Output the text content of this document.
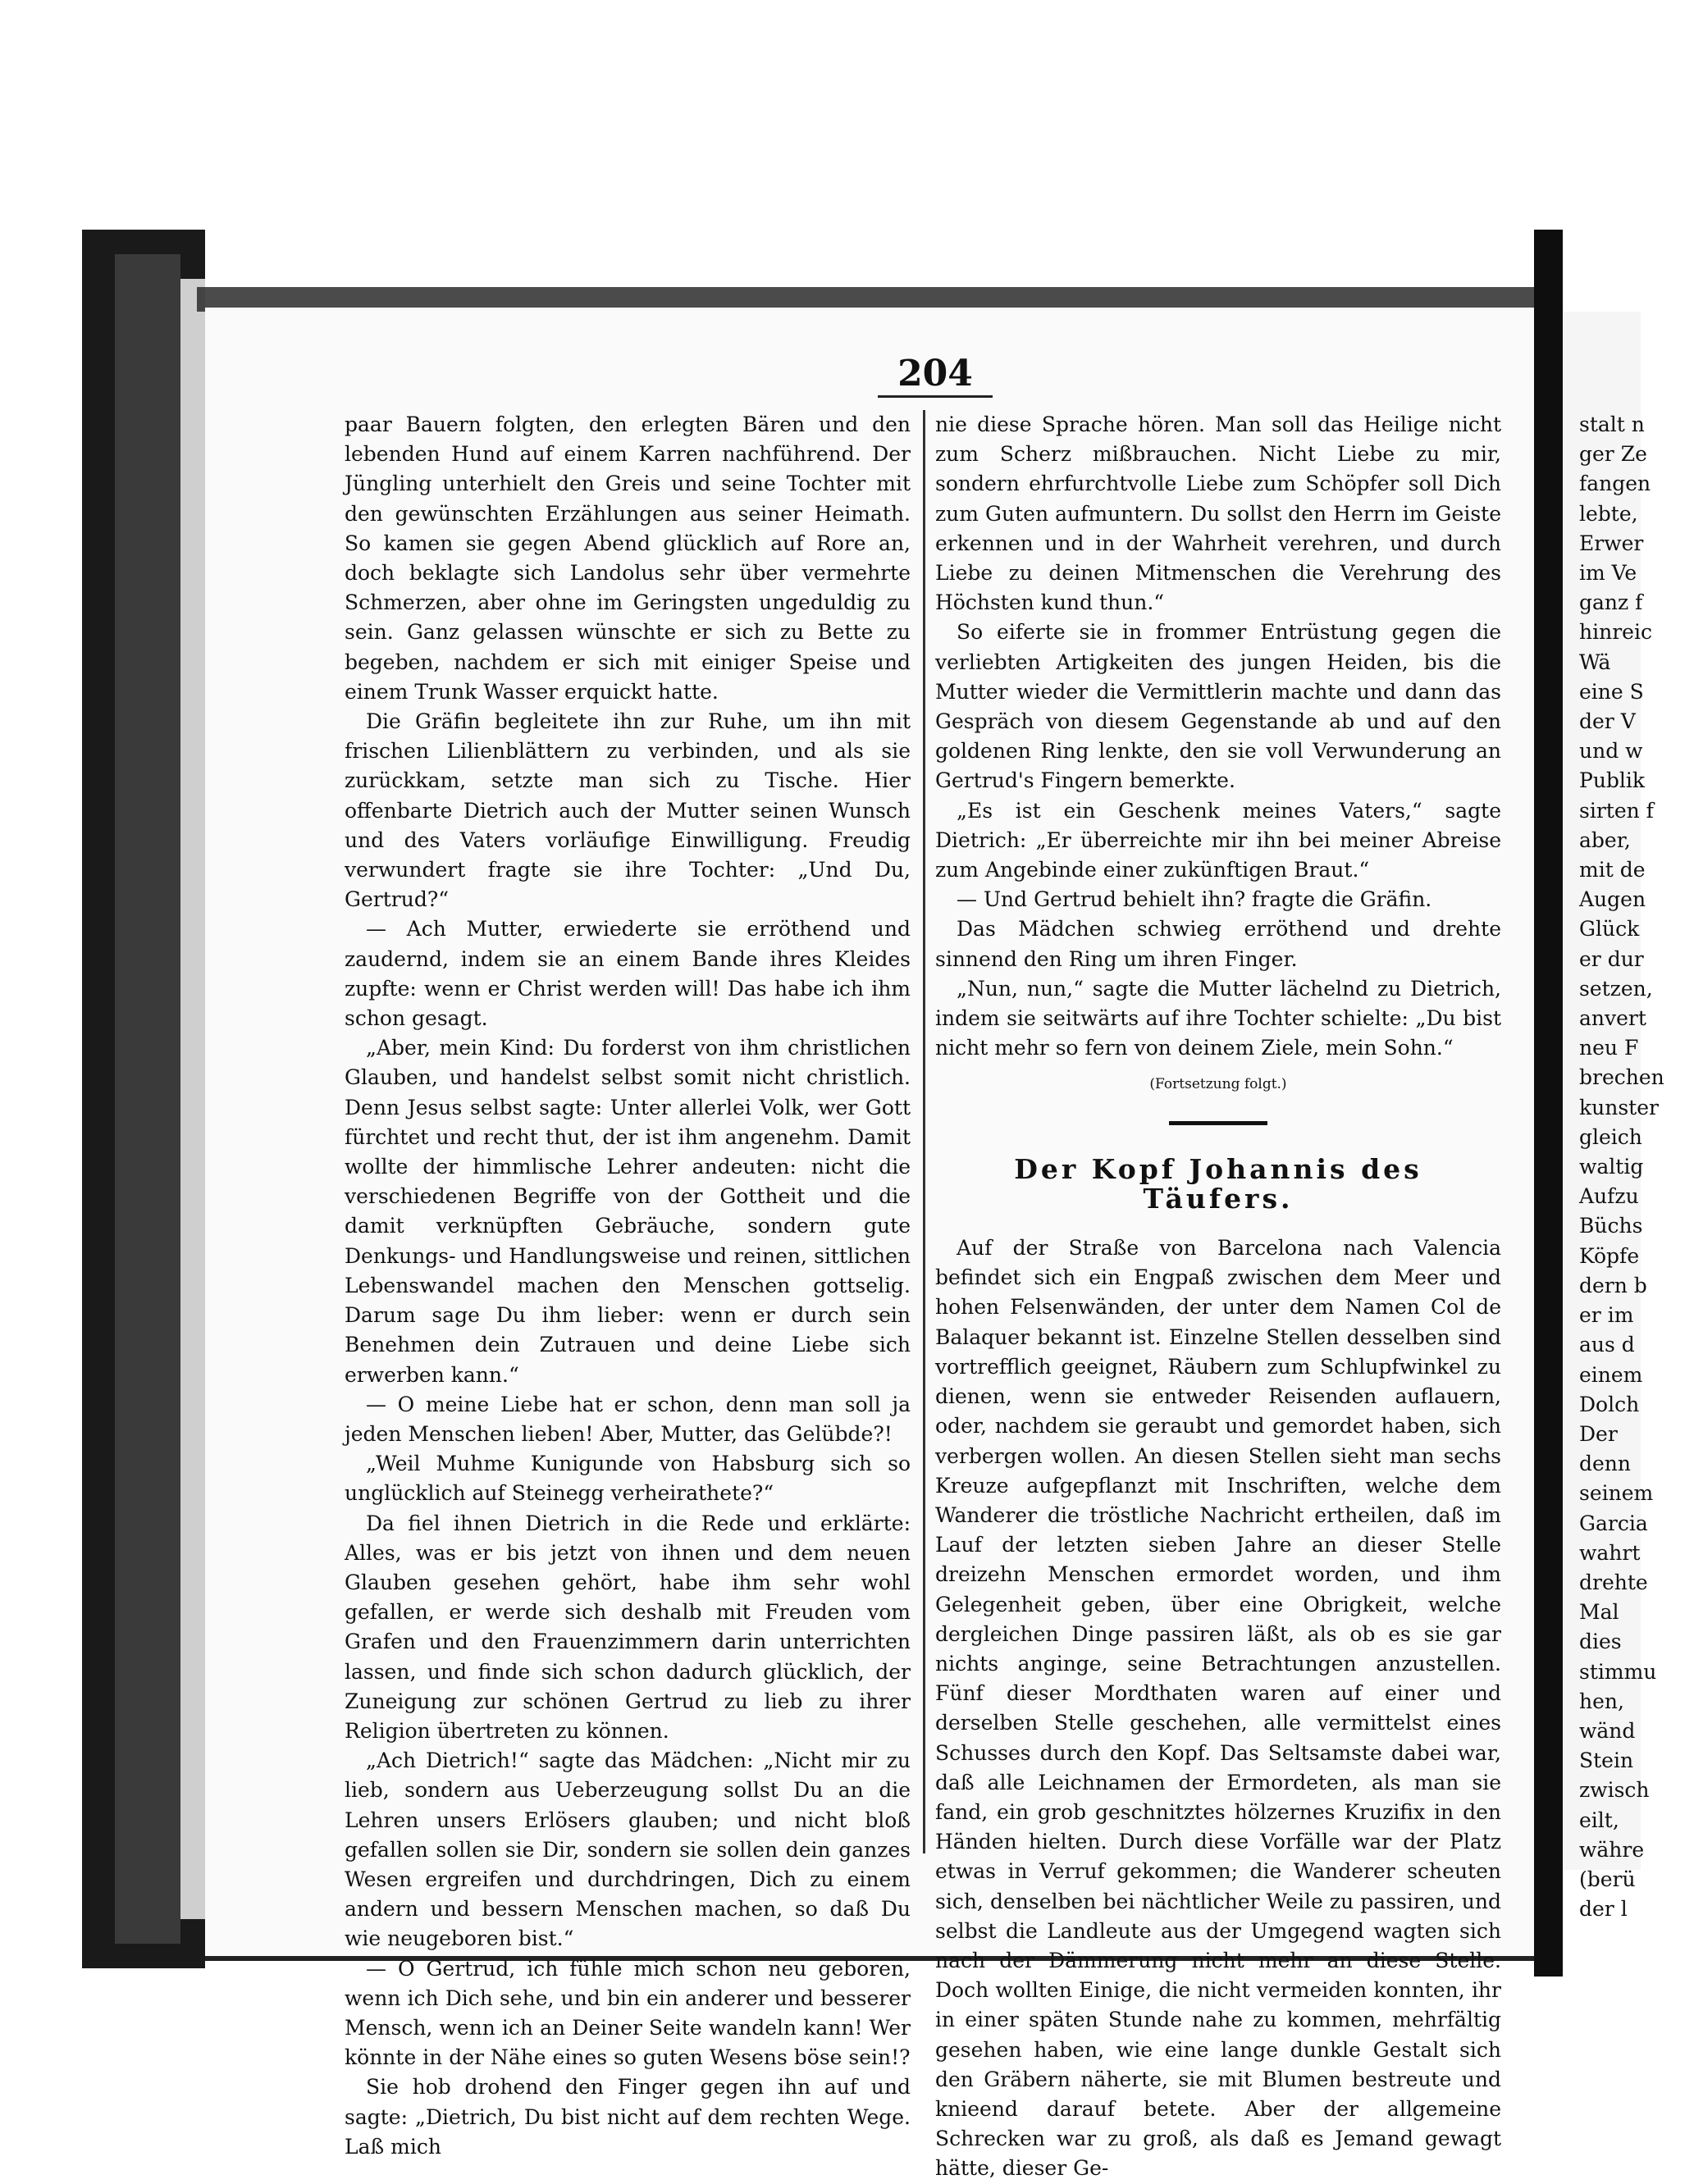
stalt n
ger Ze
fangen
lebte,
Erwer
im Ve
ganz f
hinreic
Wä
eine S
der V
und w
Publik
sirten f
aber,
mit de
Augen
Glück
er dur
setzen,
anvert
neu F
brechen
kunster
gleich
waltig
Aufzu
Büchs
Köpfe
dern b
er im
aus d
einem
Dolch
Der
denn
seinem
Garcia
wahrt
drehte
Mal
dies
stimmu
hen,
wänd
Stein
zwisch
eilt,
währe
(berü
der l
204

paar Bauern folgten, den erlegten Bären und den lebenden Hund auf einem Karren nachführend. Der Jüngling unterhielt den Greis und seine Tochter mit den gewünschten Erzählungen aus seiner Heimath. So kamen sie gegen Abend glücklich auf Rore an, doch beklagte sich Landolus sehr über vermehrte Schmerzen, aber ohne im Geringsten ungeduldig zu sein. Ganz gelassen wünschte er sich zu Bette zu begeben, nachdem er sich mit einiger Speise und einem Trunk Wasser erquickt hatte.

Die Gräfin begleitete ihn zur Ruhe, um ihn mit frischen Lilienblättern zu verbinden, und als sie zurückkam, setzte man sich zu Tische. Hier offenbarte Dietrich auch der Mutter seinen Wunsch und des Vaters vorläufige Einwilligung. Freudig verwundert fragte sie ihre Tochter: „Und Du, Gertrud?“

— Ach Mutter, erwiederte sie erröthend und zaudernd, indem sie an einem Bande ihres Kleides zupfte: wenn er Christ werden will! Das habe ich ihm schon gesagt.

„Aber, mein Kind: Du forderst von ihm christlichen Glauben, und handelst selbst somit nicht christlich. Denn Jesus selbst sagte: Unter allerlei Volk, wer Gott fürchtet und recht thut, der ist ihm angenehm. Damit wollte der himmlische Lehrer andeuten: nicht die verschiedenen Begriffe von der Gottheit und die damit verknüpften Gebräuche, sondern gute Denkungs- und Handlungsweise und reinen, sittlichen Lebenswandel machen den Menschen gottselig. Darum sage Du ihm lieber: wenn er durch sein Benehmen dein Zutrauen und deine Liebe sich erwerben kann.“

— O meine Liebe hat er schon, denn man soll ja jeden Menschen lieben! Aber, Mutter, das Gelübde?!

„Weil Muhme Kunigunde von Habsburg sich so unglücklich auf Steinegg verheirathete?“

Da fiel ihnen Dietrich in die Rede und erklärte: Alles, was er bis jetzt von ihnen und dem neuen Glauben gesehen gehört, habe ihm sehr wohl gefallen, er werde sich deshalb mit Freuden vom Grafen und den Frauenzimmern darin unterrichten lassen, und finde sich schon dadurch glücklich, der Zuneigung zur schönen Gertrud zu lieb zu ihrer Religion übertreten zu können.

„Ach Dietrich!“ sagte das Mädchen: „Nicht mir zu lieb, sondern aus Ueberzeugung sollst Du an die Lehren unsers Erlösers glauben; und nicht bloß gefallen sollen sie Dir, sondern sie sollen dein ganzes Wesen ergreifen und durchdringen, Dich zu einem andern und bessern Menschen machen, so daß Du wie neugeboren bist.“

— O Gertrud, ich fühle mich schon neu geboren, wenn ich Dich sehe, und bin ein anderer und besserer Mensch, wenn ich an Deiner Seite wandeln kann! Wer könnte in der Nähe eines so guten Wesens böse sein!?

Sie hob drohend den Finger gegen ihn auf und sagte: „Dietrich, Du bist nicht auf dem rechten Wege. Laß mich

nie diese Sprache hören. Man soll das Heilige nicht zum Scherz mißbrauchen. Nicht Liebe zu mir, sondern ehrfurchtvolle Liebe zum Schöpfer soll Dich zum Guten aufmuntern. Du sollst den Herrn im Geiste erkennen und in der Wahrheit verehren, und durch Liebe zu deinen Mitmenschen die Verehrung des Höchsten kund thun.“

So eiferte sie in frommer Entrüstung gegen die verliebten Artigkeiten des jungen Heiden, bis die Mutter wieder die Vermittlerin machte und dann das Gespräch von diesem Gegenstande ab und auf den goldenen Ring lenkte, den sie voll Verwunderung an Gertrud's Fingern bemerkte.

„Es ist ein Geschenk meines Vaters,“ sagte Dietrich: „Er überreichte mir ihn bei meiner Abreise zum Angebinde einer zukünftigen Braut.“

— Und Gertrud behielt ihn? fragte die Gräfin.

Das Mädchen schwieg erröthend und drehte sinnend den Ring um ihren Finger.

„Nun, nun,“ sagte die Mutter lächelnd zu Dietrich, indem sie seitwärts auf ihre Tochter schielte: „Du bist nicht mehr so fern von deinem Ziele, mein Sohn.“

(Fortsetzung folgt.)
Der Kopf Johannis des Täufers.

Auf der Straße von Barcelona nach Valencia befindet sich ein Engpaß zwischen dem Meer und hohen Felsenwänden, der unter dem Namen Col de Balaquer bekannt ist. Einzelne Stellen desselben sind vortrefflich geeignet, Räubern zum Schlupfwinkel zu dienen, wenn sie entweder Reisenden auflauern, oder, nachdem sie geraubt und gemordet haben, sich verbergen wollen. An diesen Stellen sieht man sechs Kreuze aufgepflanzt mit Inschriften, welche dem Wanderer die tröstliche Nachricht ertheilen, daß im Lauf der letzten sieben Jahre an dieser Stelle dreizehn Menschen ermordet worden, und ihm Gelegenheit geben, über eine Obrigkeit, welche dergleichen Dinge passiren läßt, als ob es sie gar nichts anginge, seine Betrachtungen anzustellen. Fünf dieser Mordthaten waren auf einer und derselben Stelle geschehen, alle vermittelst eines Schusses durch den Kopf. Das Seltsamste dabei war, daß alle Leichnamen der Ermordeten, als man sie fand, ein grob geschnitztes hölzernes Kruzifix in den Händen hielten. Durch diese Vorfälle war der Platz etwas in Verruf gekommen; die Wanderer scheuten sich, denselben bei nächtlicher Weile zu passiren, und selbst die Landleute aus der Umgegend wagten sich nach der Dämmerung nicht mehr an diese Stelle. Doch wollten Einige, die nicht vermeiden konnten, ihr in einer späten Stunde nahe zu kommen, mehrfältig gesehen haben, wie eine lange dunkle Gestalt sich den Gräbern näherte, sie mit Blumen bestreute und knieend darauf betete. Aber der allgemeine Schrecken war zu groß, als daß es Jemand gewagt hätte, dieser Ge-
